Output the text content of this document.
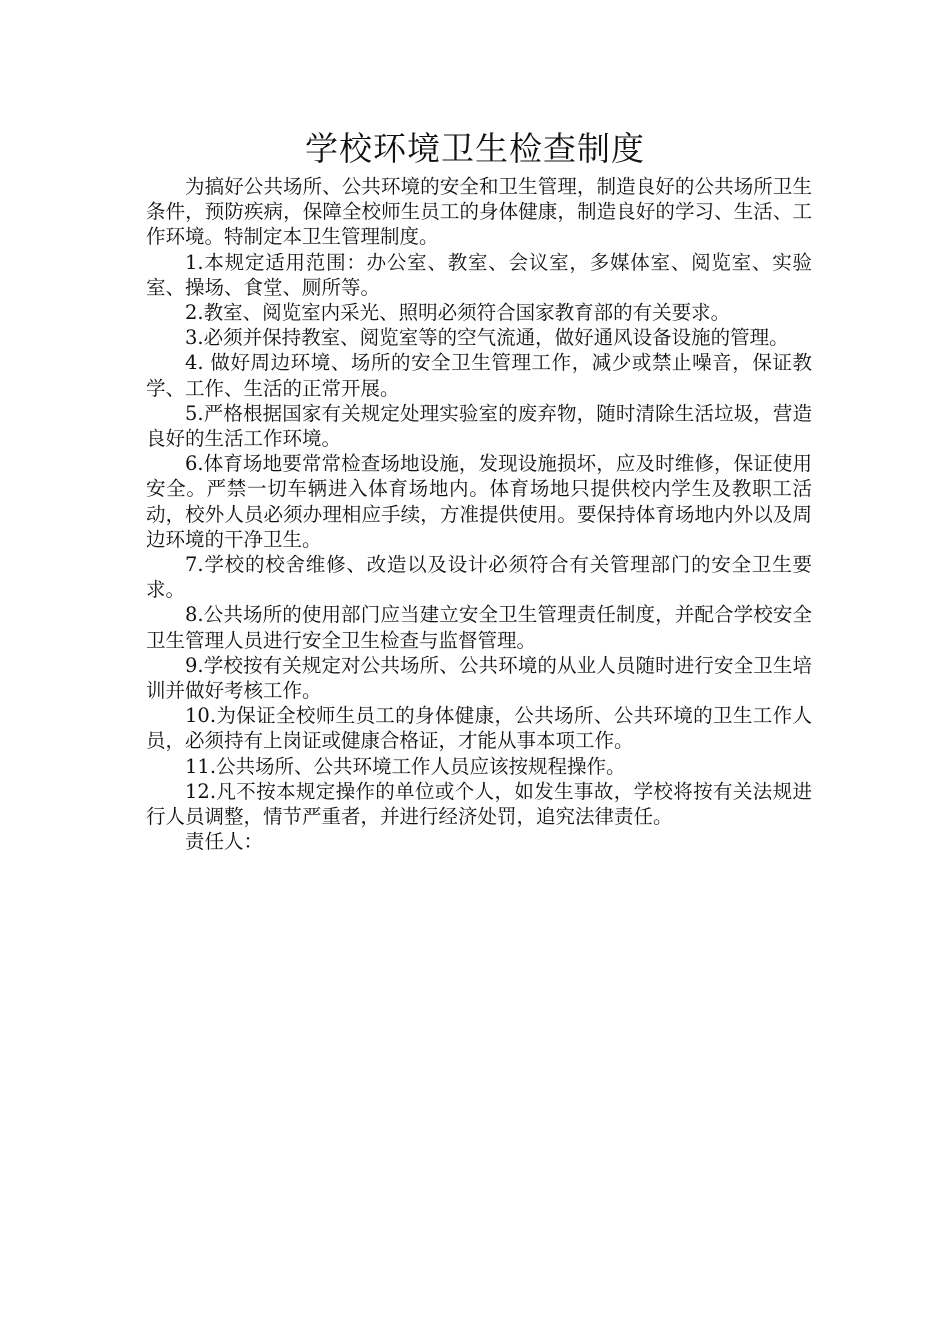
学校环境卫生检查制度

为搞好公共场所、公共环境的安全和卫生管理，制造良好的公共场所卫生条件，预防疾病，保障全校师生员工的身体健康，制造良好的学习、生活、工作环境。特制定本卫生管理制度。

1.本规定适用范围：办公室、教室、会议室，多媒体室、阅览室、实验室、操场、食堂、厕所等。

2.教室、阅览室内采光、照明必须符合国家教育部的有关要求。

3.必须并保持教室、阅览室等的空气流通，做好通风设备设施的管理。

4. 做好周边环境、场所的安全卫生管理工作，减少或禁止噪音，保证教学、工作、生活的正常开展。

5.严格根据国家有关规定处理实验室的废弃物，随时清除生活垃圾，营造良好的生活工作环境。

6.体育场地要常常检查场地设施，发现设施损坏，应及时维修，保证使用安全。严禁一切车辆进入体育场地内。体育场地只提供校内学生及教职工活动，校外人员必须办理相应手续，方准提供使用。要保持体育场地内外以及周边环境的干净卫生。

7.学校的校舍维修、改造以及设计必须符合有关管理部门的安全卫生要求。

8.公共场所的使用部门应当建立安全卫生管理责任制度，并配合学校安全卫生管理人员进行安全卫生检查与监督管理。

9.学校按有关规定对公共场所、公共环境的从业人员随时进行安全卫生培训并做好考核工作。

10.为保证全校师生员工的身体健康，公共场所、公共环境的卫生工作人员，必须持有上岗证或健康合格证，才能从事本项工作。

11.公共场所、公共环境工作人员应该按规程操作。

12.凡不按本规定操作的单位或个人，如发生事故，学校将按有关法规进行人员调整，情节严重者，并进行经济处罚，追究法律责任。

责任人：
